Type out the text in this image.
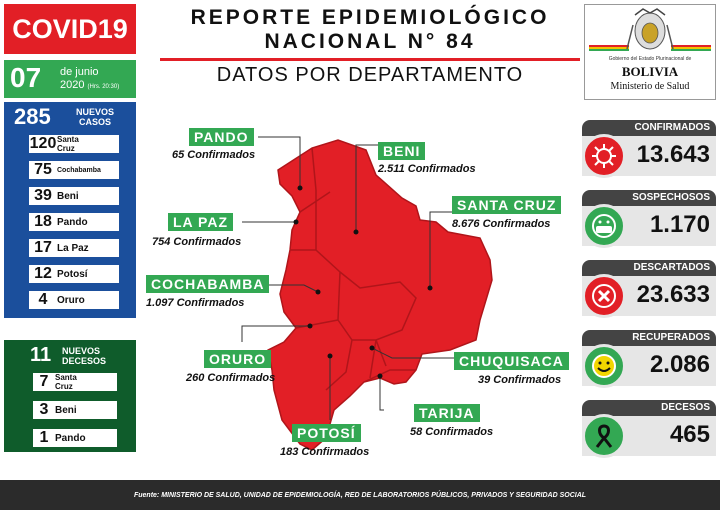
COVID19
07 de junio
2020 (Hrs. 20:30)
REPORTE EPIDEMIOLÓGICO
NACIONAL N° 84
DATOS POR DEPARTAMENTO
Gobierno del Estado Plurinacional de
BOLIVIA
Ministerio de Salud
285	NUEVOS CASOS
120 Santa Cruz
75 Cochabamba
39 Beni
18 Pando
17 La Paz
12 Potosí
4 Oruro
11 NUEVOS DECESOS
7 Santa Cruz
3 Beni
1 Pando
PANDO
65 Confirmados	BENI
2.511 Confirmados
LA PAZ
754 Confirmados
SANTA CRUZ
8.676 Confirmados
COCHABAMBA
1.097 Confirmados
ORURO
260 Confirmados
CHUQUISACA
39 Confirmados
TARIJA
58 Confirmados
POTOSÍ
183 Confirmados
CONFIRMADOS
13.643
SOSPECHOSOS
1.170
DESCARTADOS
23.633
RECUPERADOS
2.086
DECESOS
465
Fuente: MINISTERIO DE SALUD, UNIDAD DE EPIDEMIOLOGÍA, RED DE LABORATORIOS PÚBLICOS, PRIVADOS Y SEGURIDAD SOCIAL
